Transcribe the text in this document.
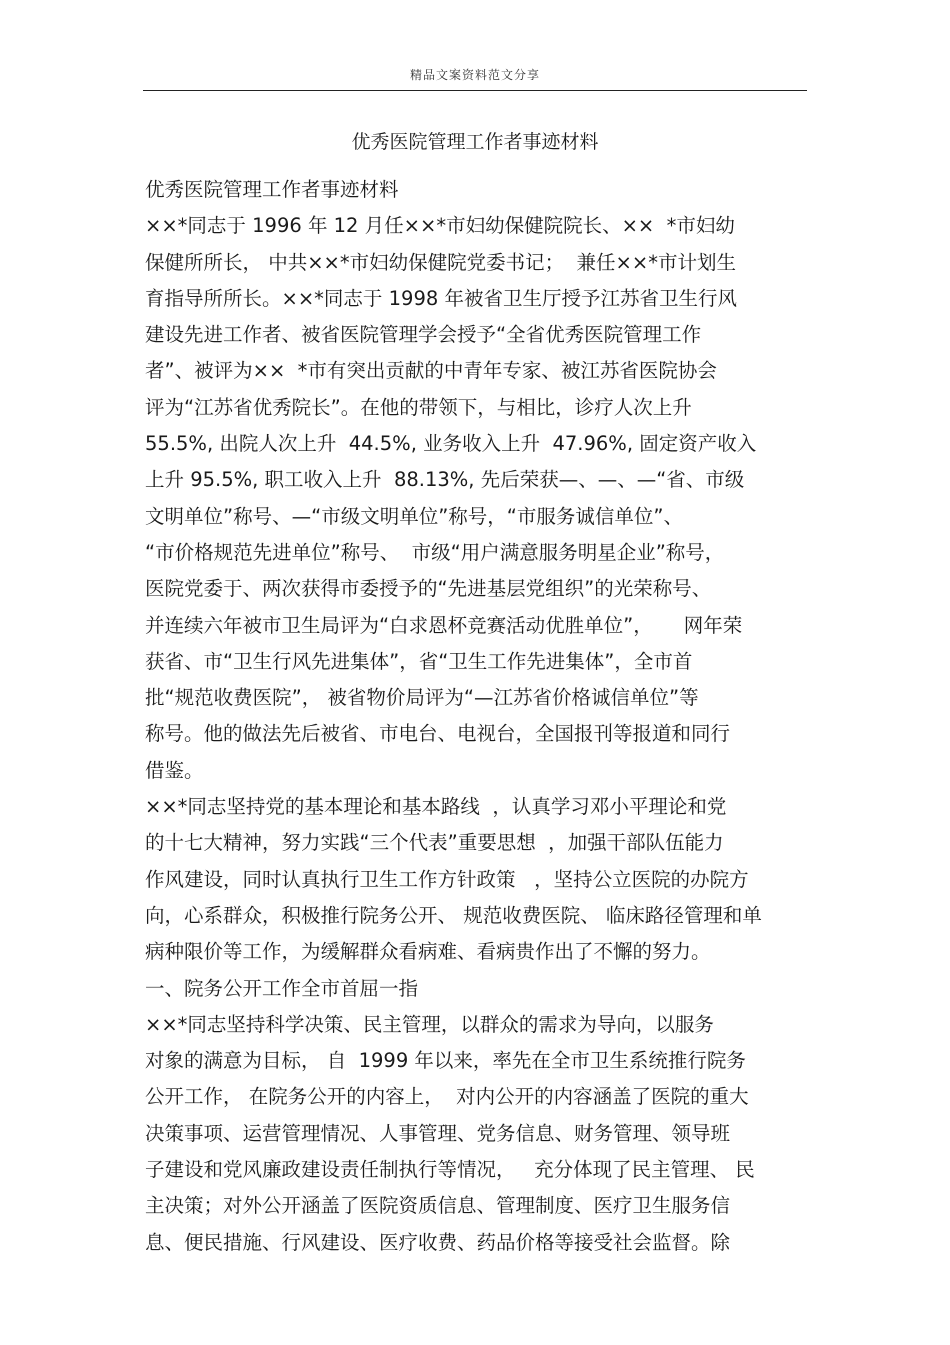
精品文案资料范文分享
优秀医院管理工作者事迹材料
优秀医院管理工作者事迹材料
××*同志于 1996 年 12 月任××*市妇幼保健院院长、××  *市妇幼
保健所所长， 中共××*市妇幼保健院党委书记；  兼任××*市计划生
育指导所所长。××*同志于 1998 年被省卫生厅授予江苏省卫生行风
建设先进工作者、被省医院管理学会授予“全省优秀医院管理工作
者”、被评为××  *市有突出贡献的中青年专家、被江苏省医院协会
评为“江苏省优秀院长”。在他的带领下，与相比，诊疗人次上升
55.5%, 出院人次上升  44.5%, 业务收入上升  47.96%, 固定资产收入
上升 95.5%, 职工收入上升  88.13%, 先后荣获—、—、—“省、市级
文明单位”称号、—“市级文明单位”称号，“市服务诚信单位”、
“市价格规范先进单位”称号、  市级“用户满意服务明星企业”称号，
医院党委于、两次获得市委授予的“先进基层党组织”的光荣称号、
并连续六年被市卫生局评为“白求恩杯竞赛活动优胜单位”，     网年荣
获省、市“卫生行风先进集体”，省“卫生工作先进集体”，全市首
批“规范收费医院”， 被省物价局评为“—江苏省价格诚信单位”等
称号。他的做法先后被省、市电台、电视台，全国报刊等报道和同行
借鉴。
××*同志坚持党的基本理论和基本路线  ，认真学习邓小平理论和党
的十七大精神，努力实践“三个代表”重要思想  ，加强干部队伍能力
作风建设，同时认真执行卫生工作方针政策   ，坚持公立医院的办院方
向，心系群众，积极推行院务公开、 规范收费医院、 临床路径管理和单
病种限价等工作，为缓解群众看病难、看病贵作出了不懈的努力。
一、院务公开工作全市首屈一指
××*同志坚持科学决策、民主管理，以群众的需求为导向，以服务
对象的满意为目标， 自  1999 年以来，率先在全市卫生系统推行院务
公开工作， 在院务公开的内容上，  对内公开的内容涵盖了医院的重大
决策事项、运营管理情况、人事管理、党务信息、财务管理、领导班
子建设和党风廉政建设责任制执行等情况，   充分体现了民主管理、 民
主决策；对外公开涵盖了医院资质信息、管理制度、医疗卫生服务信
息、便民措施、行风建设、医疗收费、药品价格等接受社会监督。除
